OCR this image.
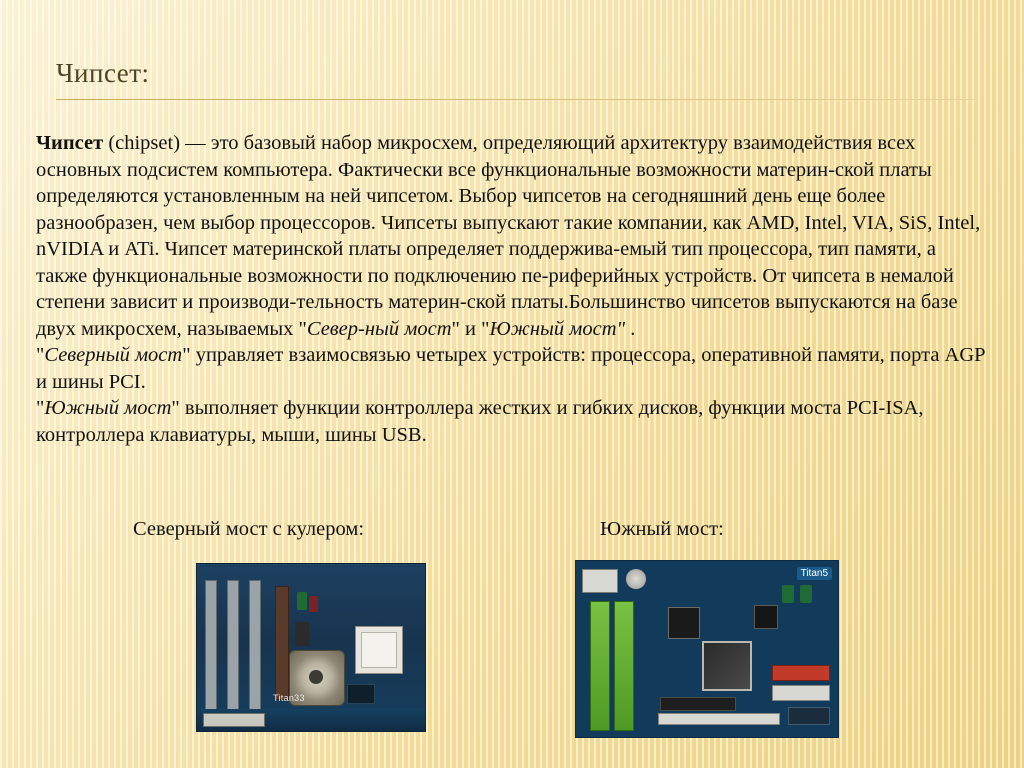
Чипсет:

Чипсет (chipset) — это базовый набор микросхем, определяющий архитектуру взаимодействия всех основных подсистем компьютера. Фактически все функциональные возможности материн-ской платы определяются установленным на ней чипсетом. Выбор чипсетов на сегодняшний день еще более разнообразен, чем выбор процессоров. Чипсеты выпускают такие компании, как AMD, Intel, VIA, SiS, Intel, nVIDIA и ATi. Чипсет материнской платы определяет поддержива-емый тип процессора, тип памяти, а также функциональные возможности по подключению пе-риферийных устройств. От чипсета в немалой степени зависит и производи-тельность материн-ской платы.Большинство чипсетов выпускаются на базе двух микросхем, называемых "Север-ный мост" и "Южный мост" .

"Северный мост" управляет взаимосвязью четырех устройств: процессора, оперативной памяти, порта AGP и шины PCI.

"Южный мост" выполняет функции контроллера жестких и гибких дисков, функции моста PCI-ISA, контроллера клавиатуры, мыши, шины USB.

Северный мост с кулером:	Южный мост:
Titan33
Titan5
